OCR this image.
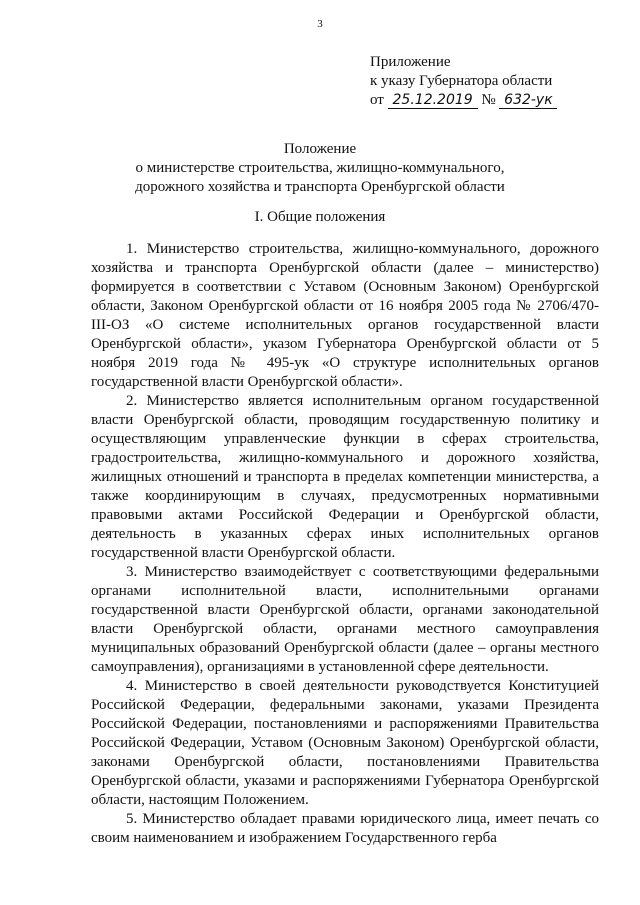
3
Приложение
к указу Губернатора области
от 25.12.2019 № 632-ук
Положение
о министерстве строительства, жилищно-коммунального,
дорожного хозяйства и транспорта Оренбургской области
I. Общие положения

1. Министерство строительства, жилищно-коммунального, дорожного хозяйства и транспорта Оренбургской области (далее – министерство) формируется в соответствии с Уставом (Основным Законом) Оренбургской области, Законом Оренбургской области от 16 ноября 2005 года № 2706/470-III-ОЗ «О системе исполнительных органов государственной власти Оренбургской области», указом Губернатора Оренбургской области от 5 ноября 2019 года № 495-ук «О структуре исполнительных органов государственной власти Оренбургской области».

2. Министерство является исполнительным органом государственной власти Оренбургской области, проводящим государственную политику и осуществляющим управленческие функции в сферах строительства, градостроительства, жилищно-коммунального и дорожного хозяйства, жилищных отношений и транспорта в пределах компетенции министерства, а также координирующим в случаях, предусмотренных нормативными правовыми актами Российской Федерации и Оренбургской области, деятельность в указанных сферах иных исполнительных органов государственной власти Оренбургской области.

3. Министерство взаимодействует с соответствующими федеральными органами исполнительной власти, исполнительными органами государственной власти Оренбургской области, органами законодательной власти Оренбургской области, органами местного самоуправления муниципальных образований Оренбургской области (далее – органы местного самоуправления), организациями в установленной сфере деятельности.

4. Министерство в своей деятельности руководствуется Конституцией Российской Федерации, федеральными законами, указами Президента Российской Федерации, постановлениями и распоряжениями Правительства Российской Федерации, Уставом (Основным Законом) Оренбургской области, законами Оренбургской области, постановлениями Правительства Оренбургской области, указами и распоряжениями Губернатора Оренбургской области, настоящим Положением.

5. Министерство обладает правами юридического лица, имеет печать со своим наименованием и изображением Государственного герба
